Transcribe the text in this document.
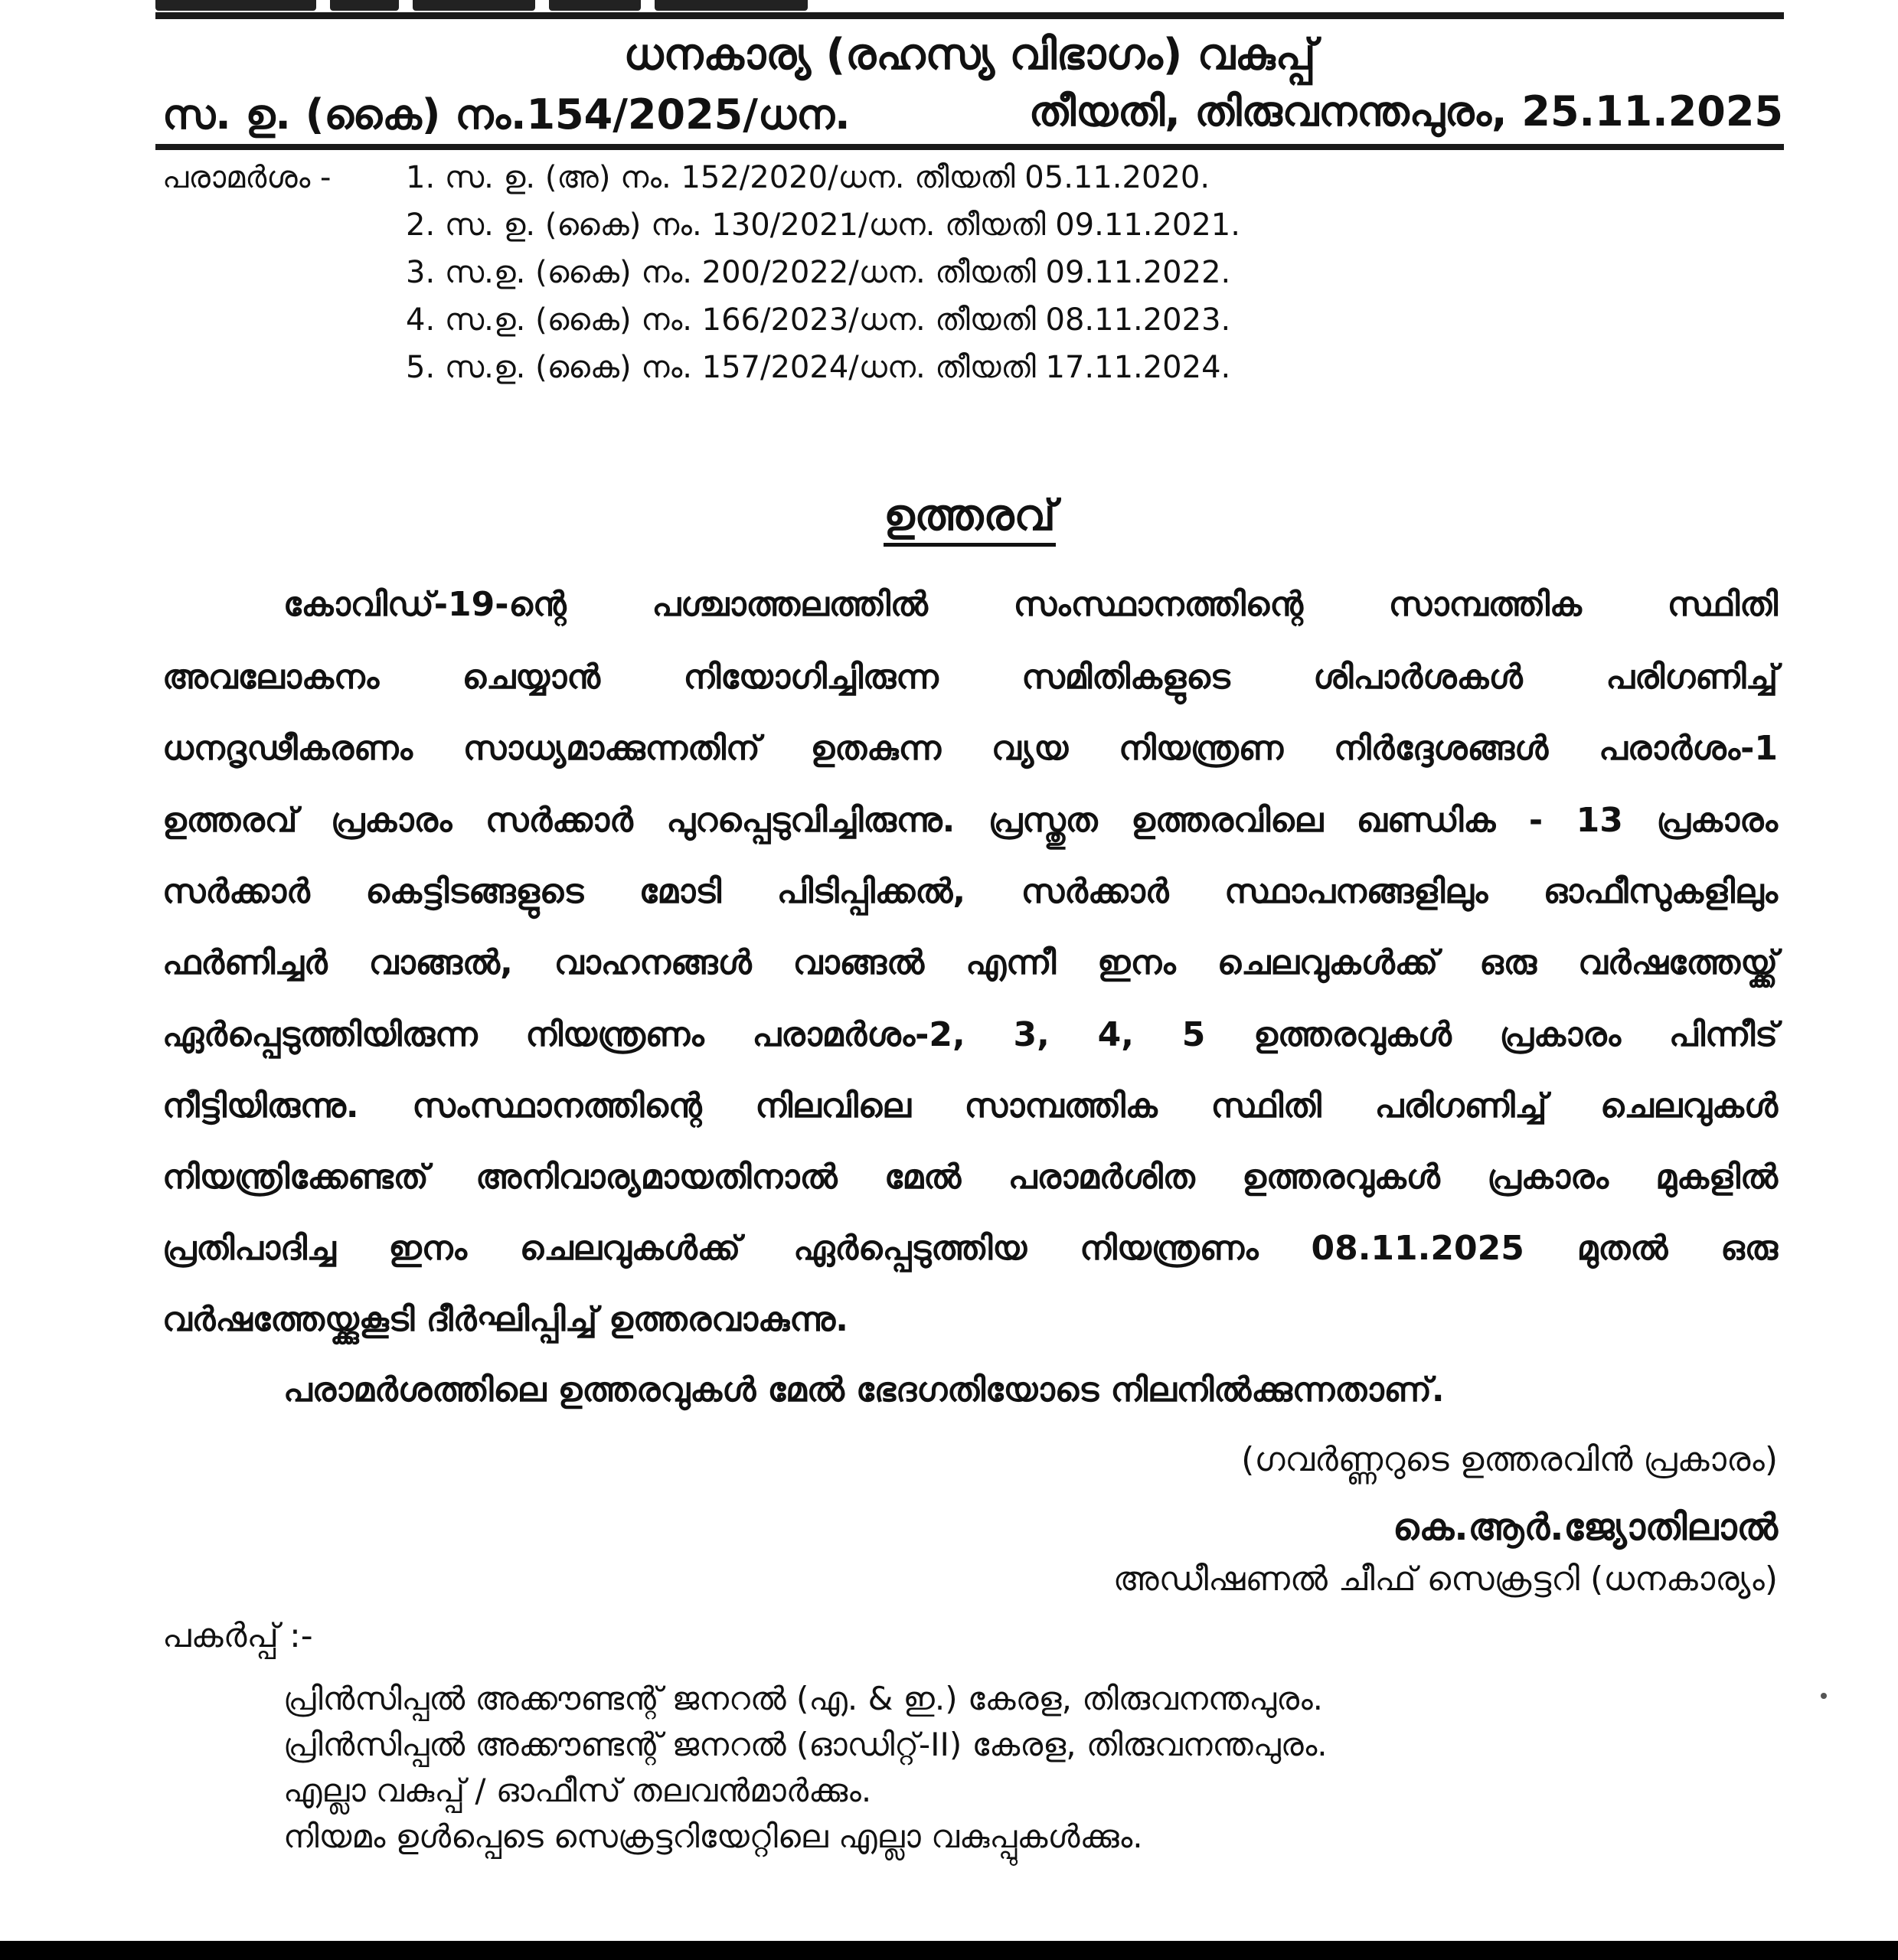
ധനകാര്യ (രഹസ്യ വിഭാഗം) വകുപ്പ്
സ. ഉ. (കൈ) നം.154/2025/ധന.	തീയതി, തിരുവനന്തപുരം, 25.11.2025
പരാമർശം - 1. സ. ഉ. (അ) നം. 152/2020/ധന. തീയതി 05.11.2020.
2. സ. ഉ. (കൈ) നം. 130/2021/ധന. തീയതി 09.11.2021.
3. സ.ഉ. (കൈ) നം. 200/2022/ധന. തീയതി 09.11.2022.
4. സ.ഉ. (കൈ) നം. 166/2023/ധന. തീയതി 08.11.2023.
5. സ.ഉ. (കൈ) നം. 157/2024/ധന. തീയതി 17.11.2024.
ഉത്തരവ്
കോവിഡ്-19-ന്റെ പശ്ചാത്തലത്തിൽ സംസ്ഥാനത്തിന്റെ സാമ്പത്തിക സ്ഥിതി
അവലോകനം ചെയ്യാൻ നിയോഗിച്ചിരുന്ന സമിതികളുടെ ശിപാർശകൾ പരിഗണിച്ച്
ധനദൃഢീകരണം സാധ്യമാക്കുന്നതിന് ഉതകുന്ന വ്യയ നിയന്ത്രണ നിർദ്ദേശങ്ങൾ പരാർശം-1
ഉത്തരവ് പ്രകാരം സർക്കാർ പുറപ്പെടുവിച്ചിരുന്നു. പ്രസ്തുത ഉത്തരവിലെ ഖണ്ഡിക - 13 പ്രകാരം
സർക്കാർ കെട്ടിടങ്ങളുടെ മോടി പിടിപ്പിക്കൽ, സർക്കാർ സ്ഥാപനങ്ങളിലും ഓഫീസുകളിലും
ഫർണിച്ചർ വാങ്ങൽ, വാഹനങ്ങൾ വാങ്ങൽ എന്നീ ഇനം ചെലവുകൾക്ക് ഒരു വർഷത്തേയ്ക്ക്
ഏർപ്പെടുത്തിയിരുന്ന നിയന്ത്രണം പരാമർശം-2, 3, 4, 5 ഉത്തരവുകൾ പ്രകാരം പിന്നീട്
നീട്ടിയിരുന്നു. സംസ്ഥാനത്തിന്റെ നിലവിലെ സാമ്പത്തിക സ്ഥിതി പരിഗണിച്ച് ചെലവുകൾ
നിയന്ത്രിക്കേണ്ടത് അനിവാര്യമായതിനാൽ മേൽ പരാമർശിത ഉത്തരവുകൾ പ്രകാരം മുകളിൽ
പ്രതിപാദിച്ച ഇനം ചെലവുകൾക്ക് ഏർപ്പെടുത്തിയ നിയന്ത്രണം 08.11.2025 മുതൽ ഒരു
വർഷത്തേയ്ക്കുകൂടി ദീർഘിപ്പിച്ച് ഉത്തരവാകുന്നു.
പരാമർശത്തിലെ ഉത്തരവുകൾ മേൽ ഭേദഗതിയോടെ നിലനിൽക്കുന്നതാണ്.
(ഗവർണ്ണറുടെ ഉത്തരവിൻ പ്രകാരം)
കെ.ആർ.ജ്യോതിലാൽ
അഡീഷണൽ ചീഫ് സെക്രട്ടറി (ധനകാര്യം)
പകർപ്പ് :-
പ്രിൻസിപ്പൽ അക്കൗണ്ടന്റ് ജനറൽ (എ. & ഇ.) കേരള, തിരുവനന്തപുരം.
പ്രിൻസിപ്പൽ അക്കൗണ്ടന്റ് ജനറൽ (ഓഡിറ്റ്-II) കേരള, തിരുവനന്തപുരം.
എല്ലാ വകുപ്പ് / ഓഫീസ് തലവൻമാർക്കും.
നിയമം ഉൾപ്പെടെ സെക്രട്ടറിയേറ്റിലെ എല്ലാ വകുപ്പുകൾക്കും.
